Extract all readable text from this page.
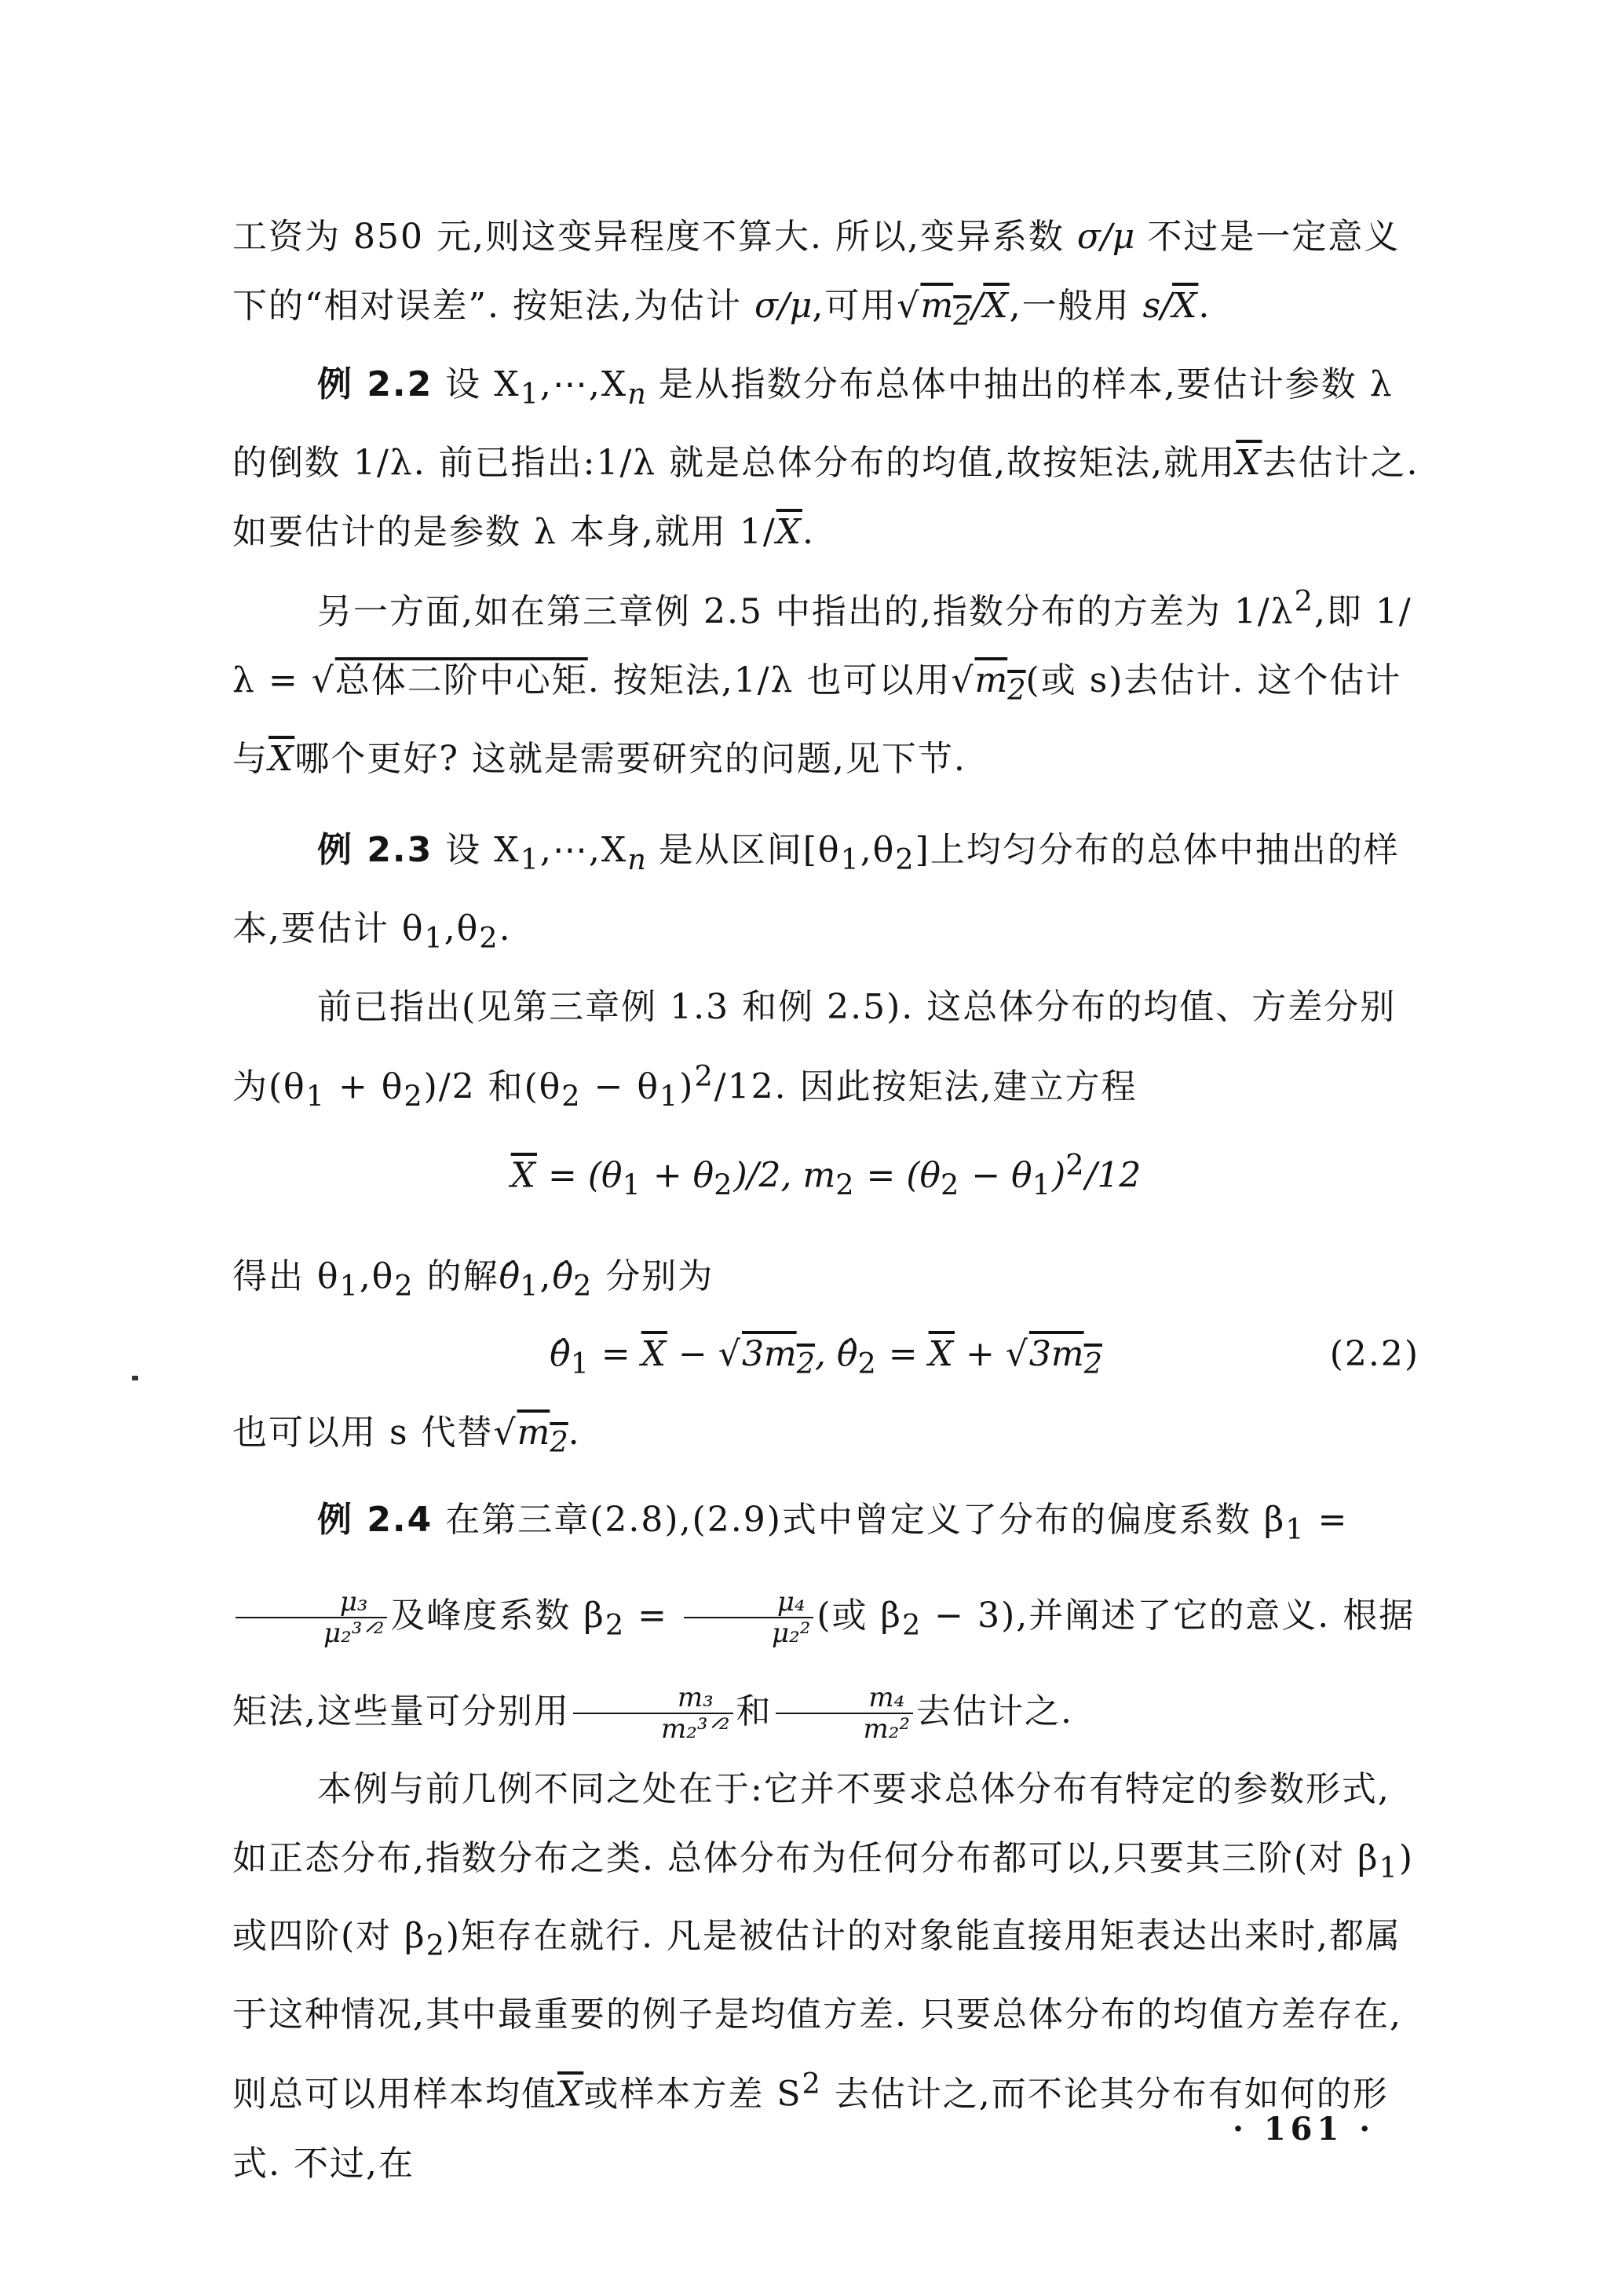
工资为 850 元,则这变异程度不算大. 所以,变异系数 σ/μ 不过是一定意义下的“相对误差”. 按矩法,为估计 σ/μ,可用 √ $m_2/\overline{X}$,一般用 $s/\overline{X}$.

例 2.2 设 $X_1,\cdots,X_n$ 是从指数分布总体中抽出的样本,要估计参数 λ 的倒数 1/λ. 前已指出:1/λ 就是总体分布的均值,故按矩法,就用$\overline{X}$去估计之. 如要估计的是参数 λ 本身,就用 $1/\overline{X}$.

另一方面,如在第三章例 2.5 中指出的,指数分布的方差为 $1/\lambda^2$,即 1/λ = √ 总体二阶中心矩. 按矩法,1/λ 也可以用 √ $m_2$(或 s)去估计. 这个估计与$\overline{X}$哪个更好? 这就是需要研究的问题,见下节.

例 2.3 设 $X_1,\cdots,X_n$ 是从区间$[\theta_1,\theta_2]$上均匀分布的总体中抽出的样本,要估计 $\theta_1,\theta_2$.

前已指出(见第三章例 1.3 和例 2.5). 这总体分布的均值、方差分别为$(\theta_1 + \theta_2)/2$ 和$(\theta_2 - \theta_1)^2/12$. 因此按矩法,建立方程

$\overline{X} = (\theta_1 + \theta_2)/2$, $m_2 = (\theta_2 - \theta_1)^2/12$

得出 $\theta_1,\theta_2$ 的解$\thetâ_1,\thetâ_2$ 分别为

$\thetâ_1 = \overline{X}$ − √ $3m_2$, $\thetâ_2 = \overline{X}$ + √ $3m_2$	(2.2)

也可以用 s 代替 √ $m_2$.

例 2.4 在第三章(2.8),(2.9)式中曾定义了分布的偏度系数 $\beta_1$ =
$\frac{\text{μ₃}}{\text{μ₂³ᐟ²}}$ 及峰度系数 $\beta_2 = \frac{\text{μ₄}}{\text{μ₂²}}$ (或 $\beta_2 - 3$),并阐述了它的意义. 根据矩法,这些量可分别用 $\frac{\text{m₃}}{\text{m₂³ᐟ²}}$ 和 $\frac{\text{m₄}}{\text{m₂²}}$ 去估计之.

本例与前几例不同之处在于:它并不要求总体分布有特定的参数形式,如正态分布,指数分布之类. 总体分布为任何分布都可以,只要其三阶(对 $\beta_1$)或四阶(对 $\beta_2$)矩存在就行. 凡是被估计的对象能直接用矩表达出来时,都属于这种情况,其中最重要的例子是均值方差. 只要总体分布的均值方差存在,则总可以用样本均值$\overline{X}$或样本方差 $S^2$ 去估计之,而不论其分布有如何的形式. 不过,在

· 161 ·
